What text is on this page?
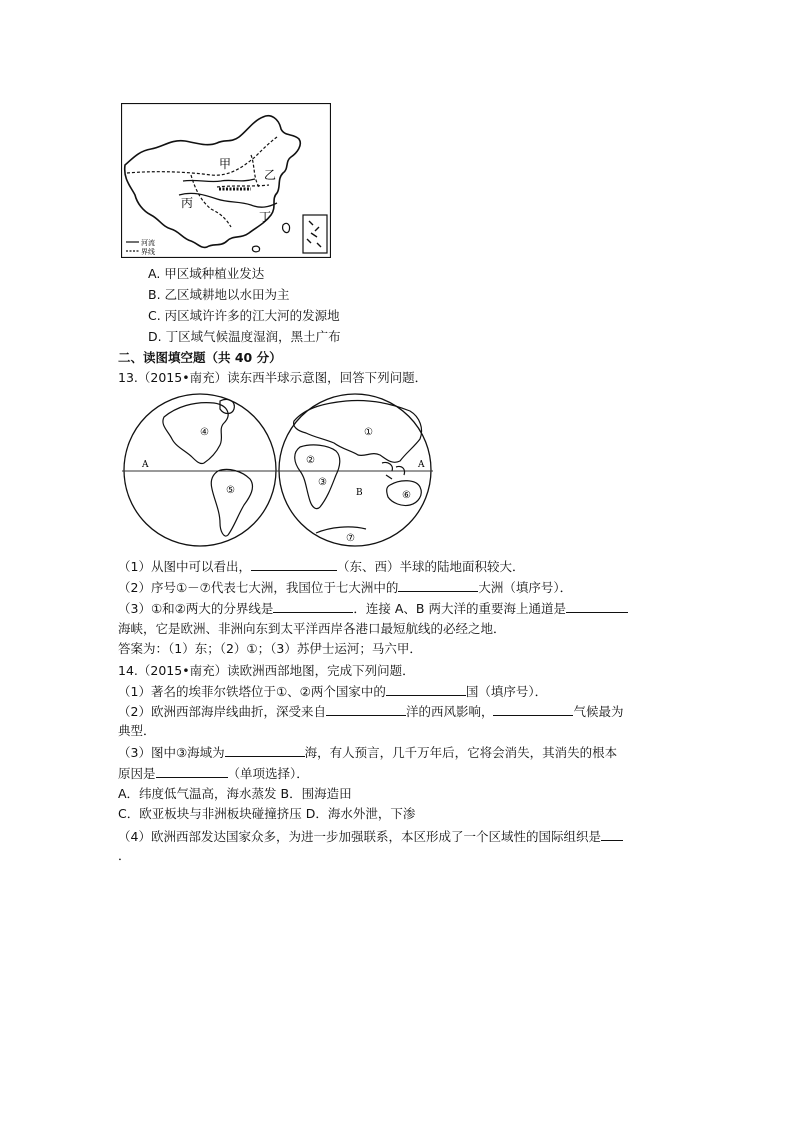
甲
乙
丙
丁
河流
界线
A. 甲区域种植业发达
B. 乙区域耕地以水田为主
C. 丙区域许许多的江大河的发源地
D. 丁区域气候温度湿润，黑土广布
二、读图填空题（共 40 分）
13.（2015•南充）读东西半球示意图，回答下列问题．
④
⑤
①
②
③
⑥
⑦
A	A
B
（1）从图中可以看出，	（东、西）半球的陆地面积较大．
（2）序号①－⑦代表七大洲，我国位于七大洲中的	大洲（填序号）．
（3）①和②两大的分界线是	．连接 A、B 两大洋的重要海上通道是
海峡，它是欧洲、非洲向东到太平洋西岸各港口最短航线的必经之地．
答案为：（1）东；（2）①；（3）苏伊士运河；马六甲．
14.（2015•南充）读欧洲西部地图，完成下列问题．
（1）著名的埃菲尔铁塔位于①、②两个国家中的	国（填序号）．
（2）欧洲西部海岸线曲折，深受来自	洋的西风影响，	气候最为
典型．
（3）图中③海域为	海，有人预言，几千万年后，它将会消失，其消失的根本
原因是	（单项选择）．
A．纬度低气温高，海水蒸发 B．围海造田
C．欧亚板块与非洲板块碰撞挤压 D．海水外泄，下渗
（4）欧洲西部发达国家众多，为进一步加强联系，本区形成了一个区域性的国际组织是
．
